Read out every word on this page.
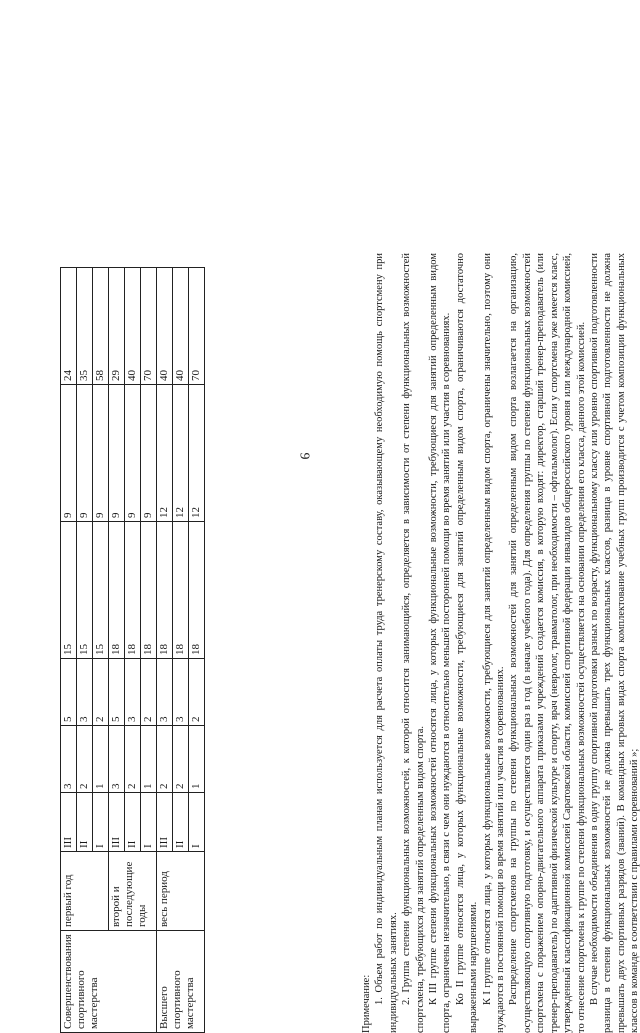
9
Совершенствования спортивного мастерства	первый год	III	3	5	15	9	24
		II	2	3	15	9	35
		I	1	2	15	9	58
	второй и последующие годы	III	3	5	18	9	29
		II	2	3	18	9	40
		I	1	2	18	9	70
Высшего спортивного мастерства	весь период	III	2	3	18	12	40
		II	2	3	18	12	40
		I	1	2	18	12	70

Примечание: 1. Объем работ по индивидуальным планам используется для расчета оплаты труда тренерскому составу, оказывающему необходимую помощь спортсмену при индивидуальных занятиях. 2. Группа степени функциональных возможностей, к которой относится занимающийся, определяется в зависимости от степени функциональных возможностей спортсмена, требующихся для занятий определенным видом спорта. К III группе степени функциональных возможностей относятся лица, у которых функциональные возможности, требующиеся для занятий определенным видом спорта, ограничены незначительно, в связи с чем они нуждаются в относительно меньшей посторонней помощи во время занятий или участия в соревнованиях. Ко II группе относятся лица, у которых функциональные возможности, требующиеся для занятий определенным видом спорта, ограничиваются достаточно выраженными нарушениями. К I группе относятся лица, у которых функциональные возможности, требующиеся для занятий определенным видом спорта, ограничены значительно, поэтому они нуждаются в постоянной помощи во время занятий или участия в соревнованиях. Распределение спортсменов на группы по степени функциональных возможностей для занятий определенным видом спорта возлагается на организацию, осуществляющую спортивную подготовку, и осуществляется один раз в год (в начале учебного года). Для определения группы по степени функциональных возможностей спортсмена с поражением опорно-двигательного аппарата приказами учреждений создается комиссия, в которую входят: директор, старший тренер-преподаватель (или тренер-преподаватель) по адаптивной физической культуре и спорту, врач (невролог, травматолог, при необходимости – офтальмолог). Если у спортсмена уже имеется класс, утвержденный классификационной комиссией Саратовской области, комиссией спортивной федерации инвалидов общероссийского уровня или международной комиссией, то отнесение спортсмена к группе по степени функциональных возможностей осуществляется на основании определения его класса, данного этой комиссией. В случае необходимости объединения в одну группу спортивной подготовки разных по возрасту, функциональному классу или уровню спортивной подготовленности разница в степени функциональных возможностей не должна превышать трех функциональных классов, разница в уровне спортивной подготовленности не должна превышать двух спортивных разрядов (званий). В командных игровых видах спорта комплектование учебных групп производится с учетом композиции функциональных классов в команде в соответствии с правилами соревнований »;
